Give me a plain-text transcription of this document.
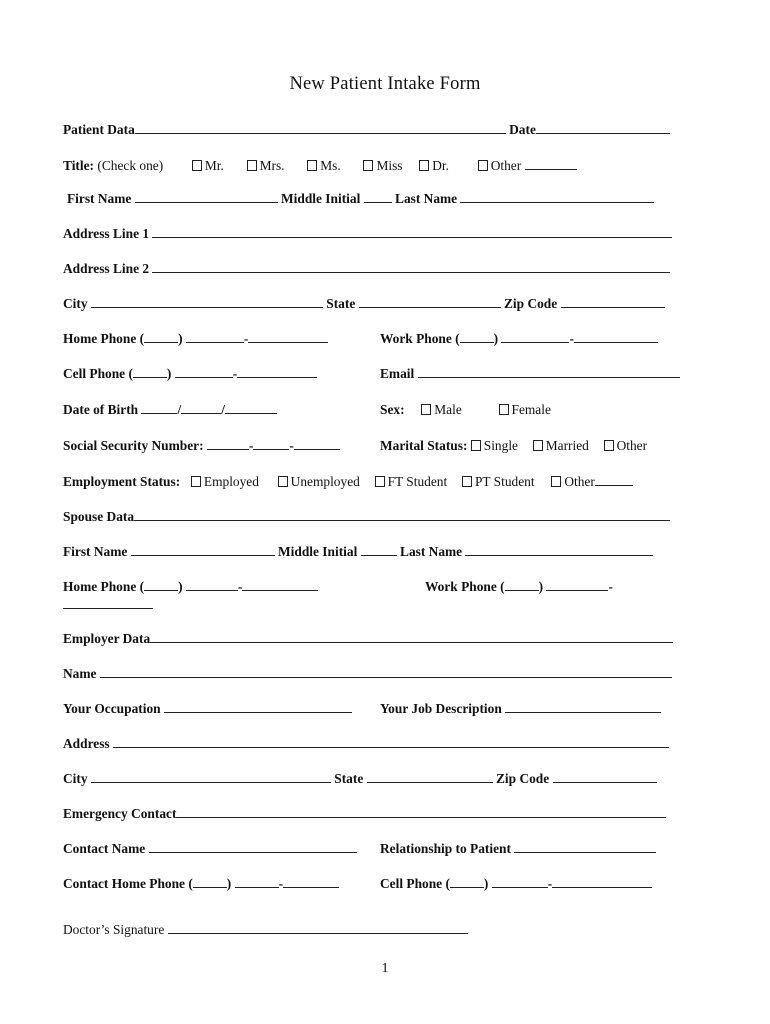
New Patient Intake Form
Patient Data	Date
Title: (Check one)	Mr.	Mrs.	Ms.	Miss Dr.	Other
First Name	Middle Initial	Last Name
Address Line 1
Address Line 2
City	State	Zip Code
Home Phone (	)	-	Work Phone (	)	-
Cell Phone (	)	-	Email
Date of Birth	/	/	Sex: Male	Female
Social Security Number:	-	-	Marital Status: Single Married Other
Employment Status: Employed Unemployed FT Student PT Student Other
Spouse Data
First Name	Middle Initial	Last Name
Home Phone (	)	-	Work Phone (	)	-
Employer Data
Name
Your Occupation	Your Job Description
Address
City	State	Zip Code
Emergency Contact
Contact Name	Relationship to Patient
Contact Home Phone (	)	-	Cell Phone (	)	-
Doctor’s Signature
1
